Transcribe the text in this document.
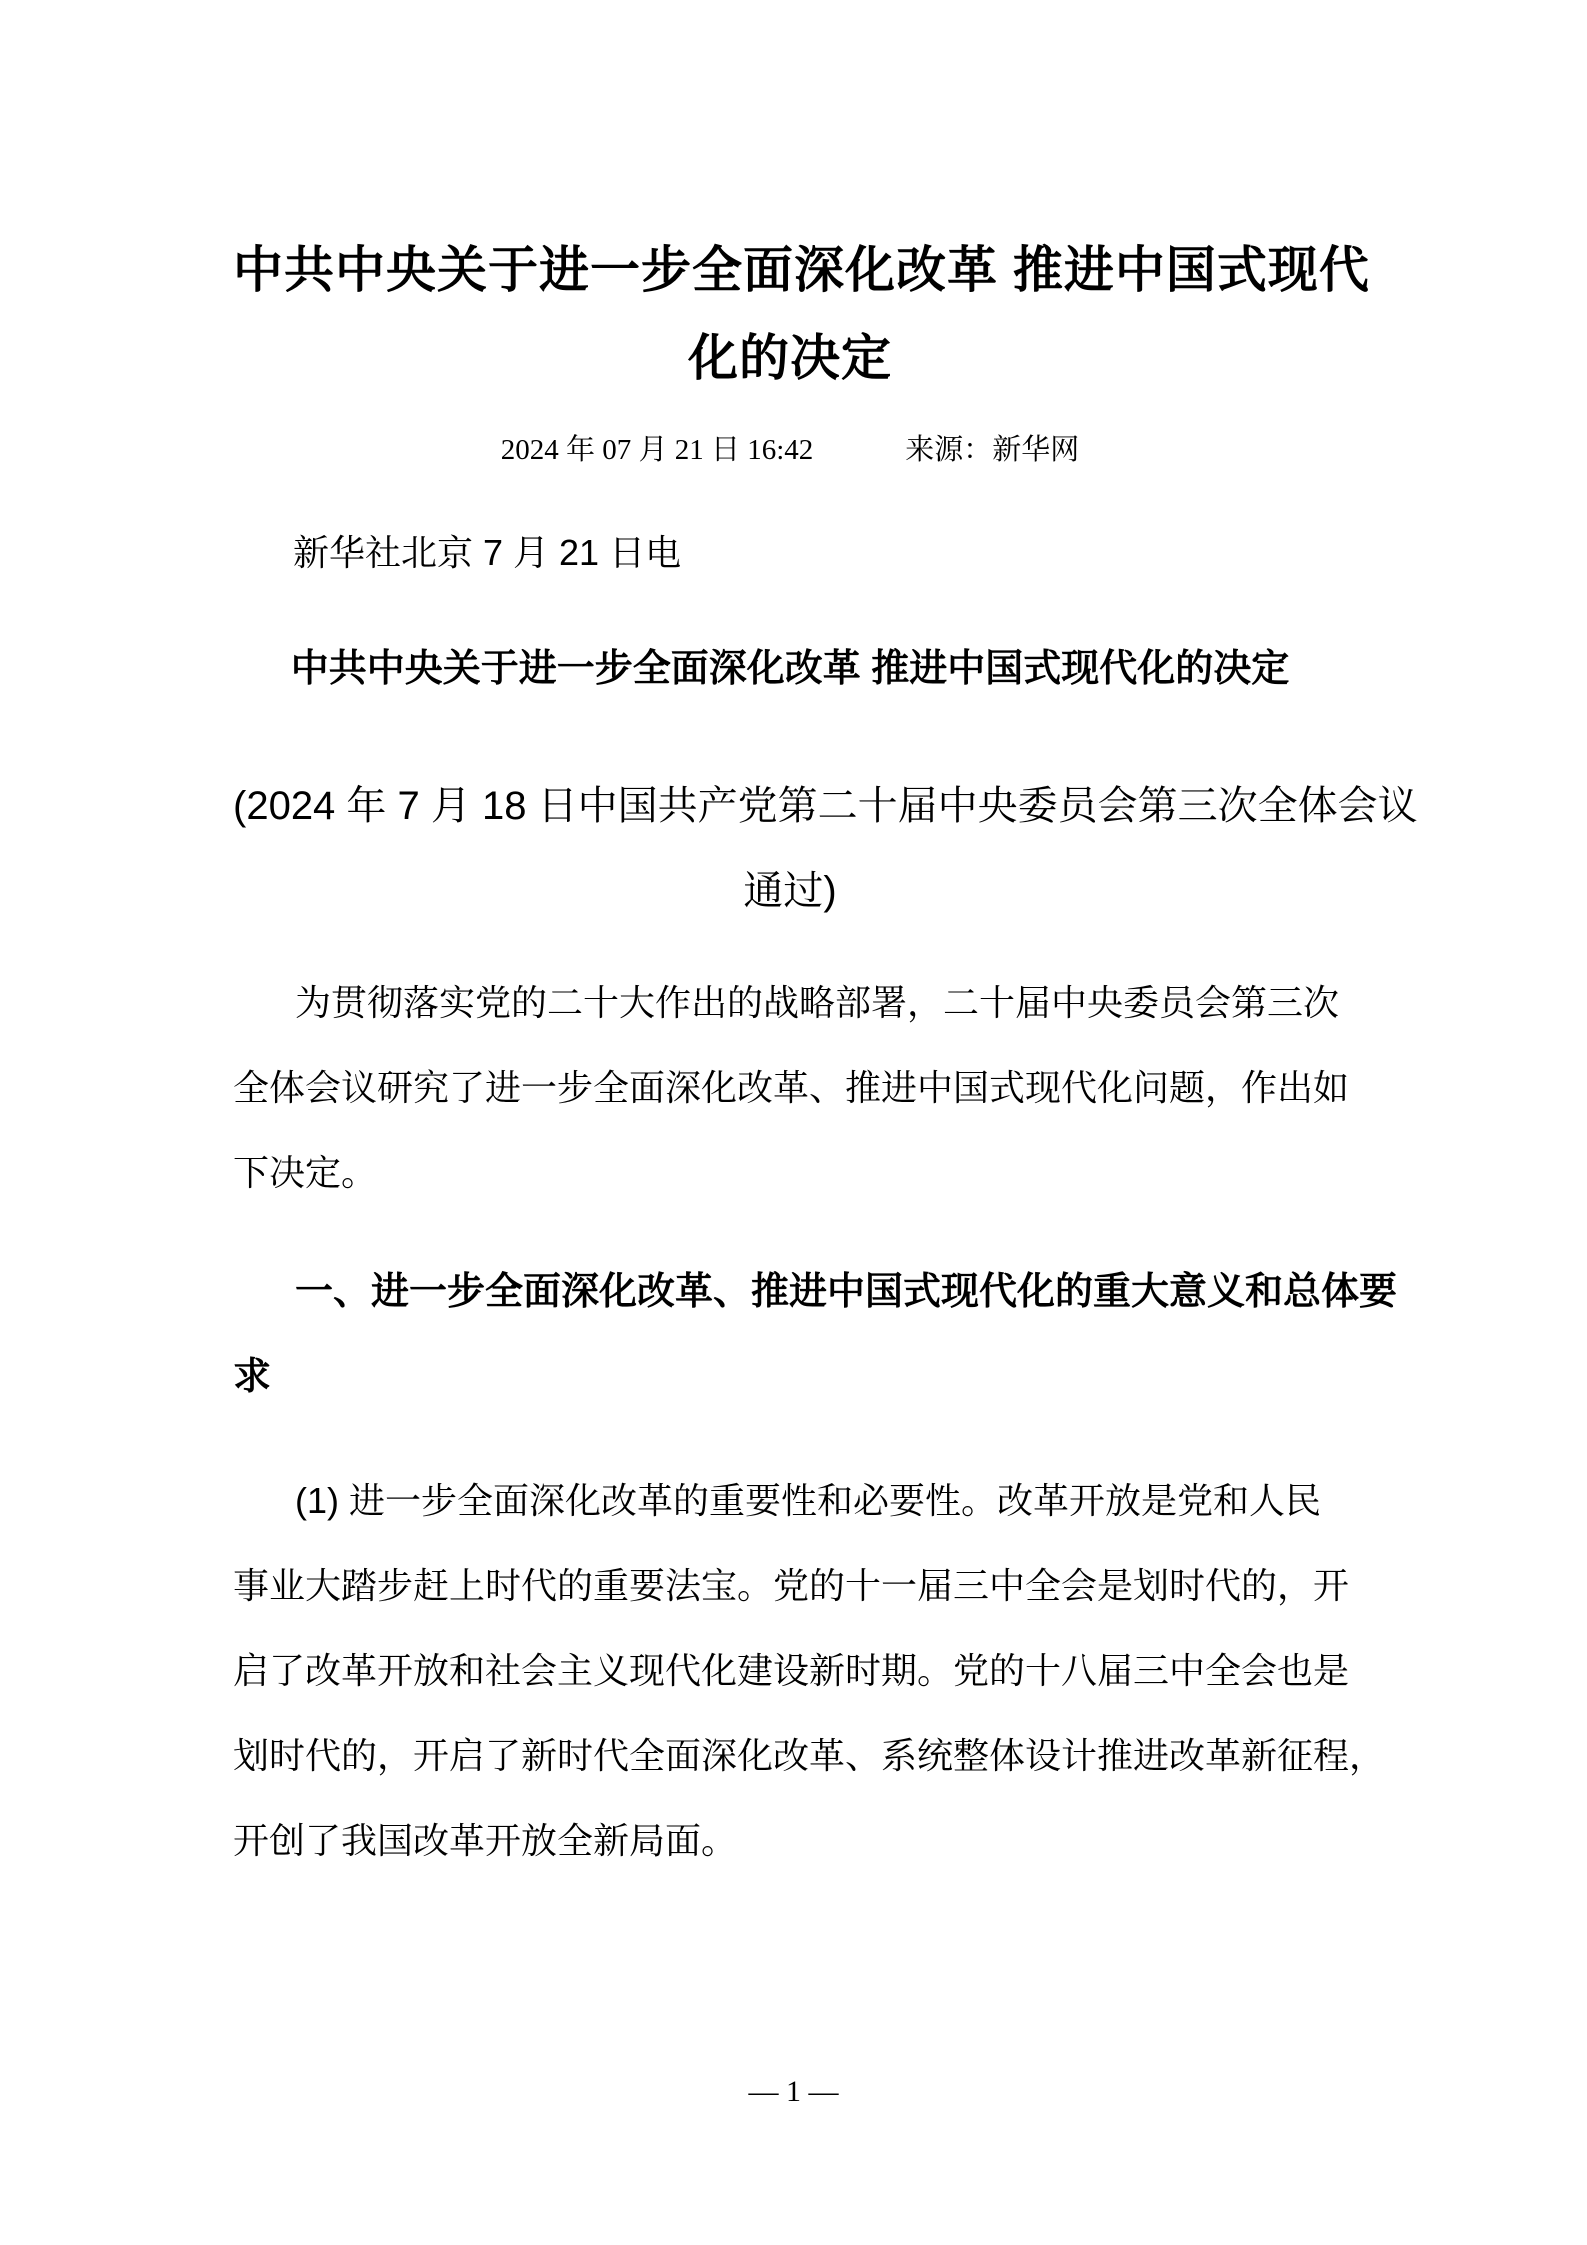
中共中央关于进一步全面深化改革 推进中国式现代
化的决定
2024 年 07 月 21 日 16:42	来源：新华网

新华社北京 7 月 21 日电

中共中央关于进一步全面深化改革 推进中国式现代化的决定

(2024 年 7 月 18 日中国共产党第二十届中央委员会第三次全体会议
通过)
为贯彻落实党的二十大作出的战略部署，二十届中央委员会第三次
全体会议研究了进一步全面深化改革、推进中国式现代化问题，作出如
下决定。
一、进一步全面深化改革、推进中国式现代化的重大意义和总体要
求
(1) 进一步全面深化改革的重要性和必要性。改革开放是党和人民
事业大踏步赶上时代的重要法宝。党的十一届三中全会是划时代的，开
启了改革开放和社会主义现代化建设新时期。党的十八届三中全会也是
划时代的，开启了新时代全面深化改革、系统整体设计推进改革新征程，
开创了我国改革开放全新局面。
— 1 —
